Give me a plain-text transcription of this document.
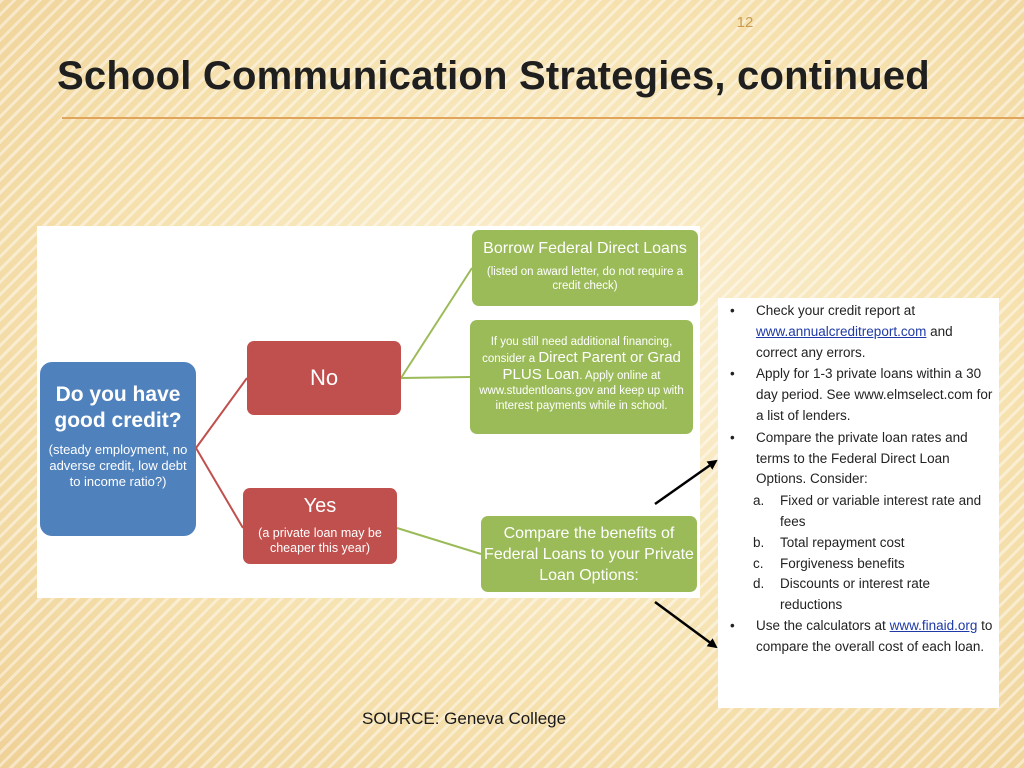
12
School Communication Strategies, continued
Do you have good credit?
(steady employment, no adverse credit, low debt to income ratio?)
No
Yes
(a private loan may be cheaper this year)
Borrow Federal Direct Loans
(listed on award letter, do not require a credit check)
If you still need additional financing, consider a Direct Parent or Grad PLUS Loan. Apply online at www.studentloans.gov and keep up with interest payments while in school.
Compare the benefits of Federal Loans to your Private Loan Options:
• Check your credit report at www.annualcreditreport.com and correct any errors.
• Apply for 1-3 private loans within a 30 day period. See www.elmselect.com for a list of lenders.
• Compare the private loan rates and terms to the Federal Direct Loan Options. Consider:
a. Fixed or variable interest rate and fees
b. Total repayment cost
c. Forgiveness benefits
d. Discounts or interest rate reductions
• Use the calculators at www.finaid.org to compare the overall cost of each loan.
SOURCE: Geneva College
